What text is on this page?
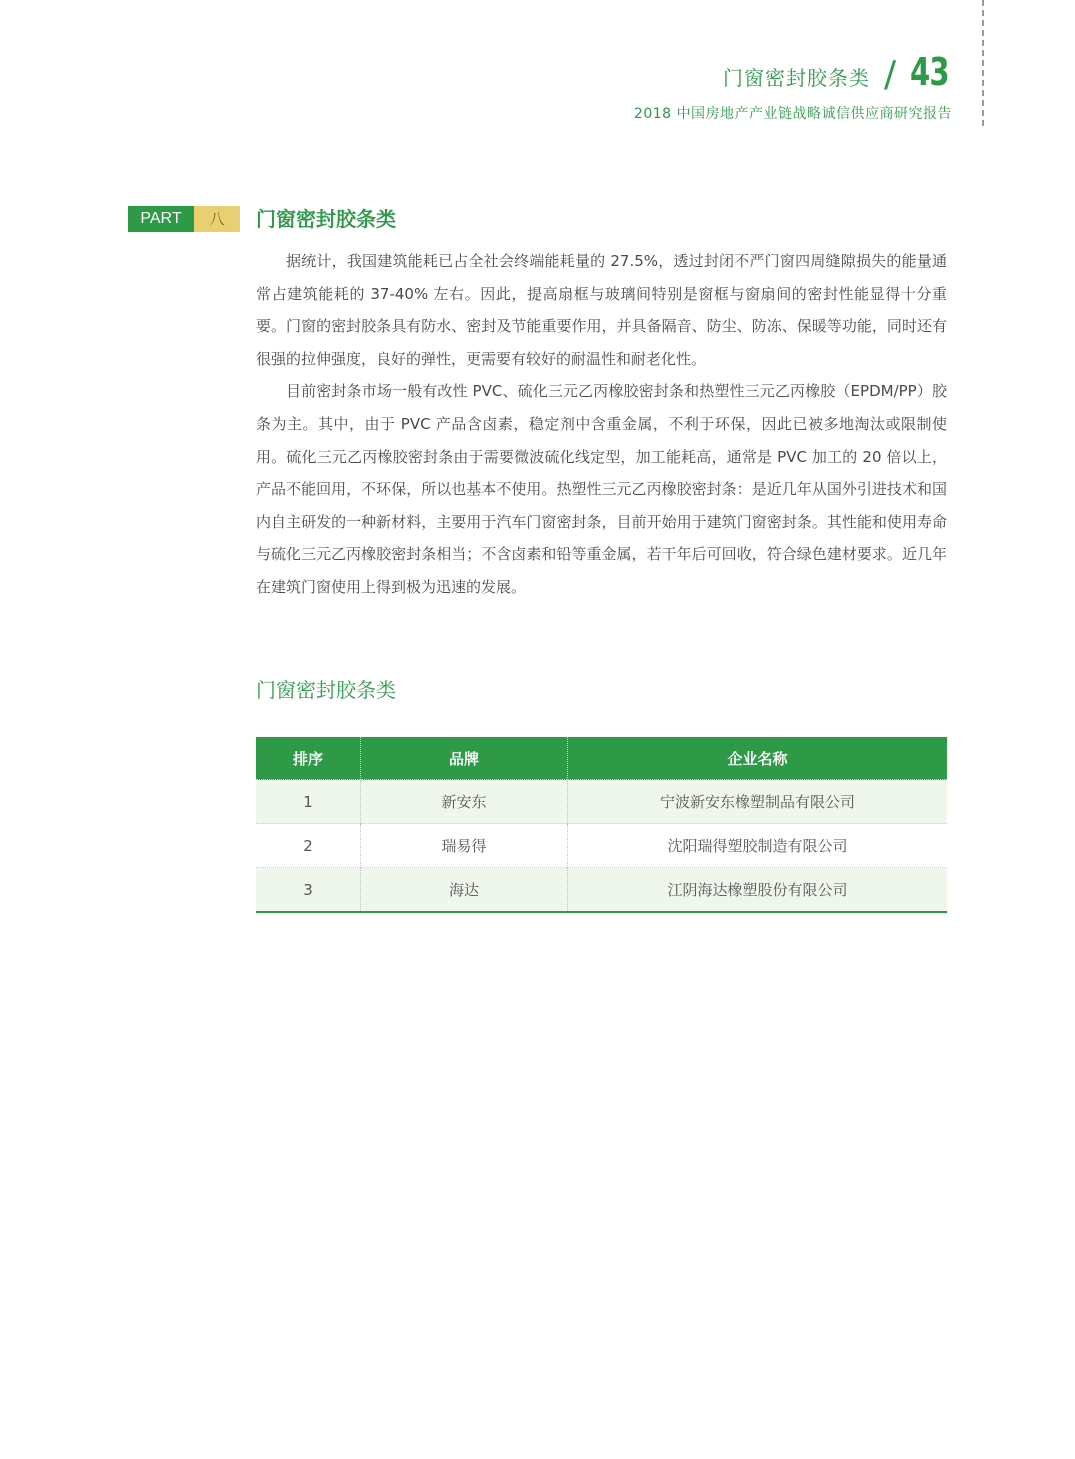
门窗密封胶条类 / 43
2018 中国房地产产业链战略诚信供应商研究报告
PART	八	门窗密封胶条类

据统计，我国建筑能耗已占全社会终端能耗量的 27.5%，透过封闭不严门窗四周缝隙损失的能量通常占建筑能耗的 37-40% 左右。因此，提高扇框与玻璃间特别是窗框与窗扇间的密封性能显得十分重要。门窗的密封胶条具有防水、密封及节能重要作用，并具备隔音、防尘、防冻、保暖等功能，同时还有很强的拉伸强度，良好的弹性，更需要有较好的耐温性和耐老化性。

目前密封条市场一般有改性 PVC、硫化三元乙丙橡胶密封条和热塑性三元乙丙橡胶（EPDM/PP）胶条为主。其中，由于 PVC 产品含卤素，稳定剂中含重金属，不利于环保，因此已被多地淘汰或限制使用。硫化三元乙丙橡胶密封条由于需要微波硫化线定型，加工能耗高，通常是 PVC 加工的 20 倍以上，产品不能回用，不环保，所以也基本不使用。热塑性三元乙丙橡胶密封条：是近几年从国外引进技术和国内自主研发的一种新材料，主要用于汽车门窗密封条，目前开始用于建筑门窗密封条。其性能和使用寿命与硫化三元乙丙橡胶密封条相当；不含卤素和铅等重金属，若干年后可回收，符合绿色建材要求。近几年在建筑门窗使用上得到极为迅速的发展。

门窗密封胶条类
排序	品牌	企业名称
1	新安东	宁波新安东橡塑制品有限公司
2	瑞易得	沈阳瑞得塑胶制造有限公司
3	海达	江阴海达橡塑股份有限公司
